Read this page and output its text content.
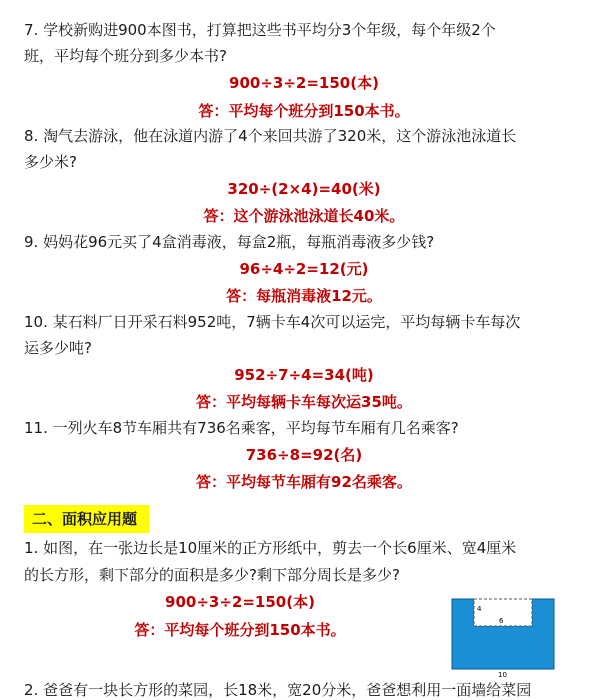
7. 学校新购进900本图书，打算把这些书平均分3个年级，每个年级2个
班，平均每个班分到多少本书?
900÷3÷2=150(本)
答：平均每个班分到150本书。
8. 淘气去游泳，他在泳道内游了4个来回共游了320米，这个游泳池泳道长
多少米?
320÷(2×4)=40(米)
答：这个游泳池泳道长40米。
9. 妈妈花96元买了4盒消毒液，每盒2瓶，每瓶消毒液多少钱?
96÷4÷2=12(元)
答：每瓶消毒液12元。
10. 某石料厂日开采石料952吨，7辆卡车4次可以运完，平均每辆卡车每次
运多少吨?
952÷7÷4=34(吨)
答：平均每辆卡车每次运35吨。
11. 一列火车8节车厢共有736名乘客，平均每节车厢有几名乘客?
736÷8=92(名)
答：平均每节车厢有92名乘客。
二、面积应用题
1. 如图，在一张边长是10厘米的正方形纸中，剪去一个长6厘米、宽4厘米
的长方形，剩下部分的面积是多少?剩下部分周长是多少?
900÷3÷2=150(本)
答：平均每个班分到150本书。
4
6
10
2. 爸爸有一块长方形的菜园，长18米，宽20分米，爸爸想利用一面墙给菜园
